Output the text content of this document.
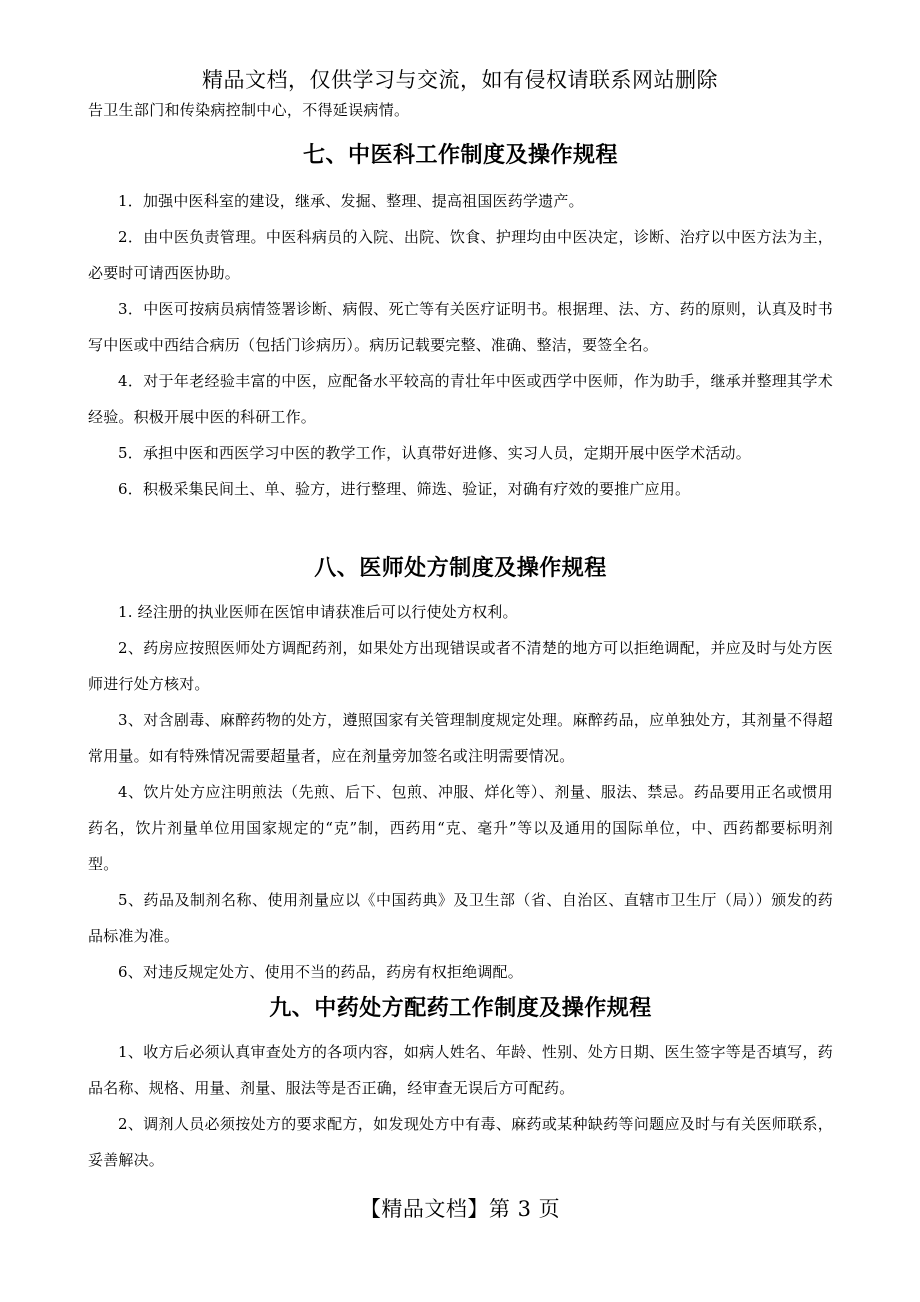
精品文档，仅供学习与交流，如有侵权请联系网站删除
告卫生部门和传染病控制中心，不得延误病情。
七、中医科工作制度及操作规程

1．加强中医科室的建设，继承、发掘、整理、提高祖国医药学遗产。

2．由中医负责管理。中医科病员的入院、出院、饮食、护理均由中医决定，诊断、治疗以中医方法为主，必要时可请西医协助。

3．中医可按病员病情签署诊断、病假、死亡等有关医疗证明书。根据理、法、方、药的原则，认真及时书写中医或中西结合病历（包括门诊病历）。病历记载要完整、准确、整洁，要签全名。

4．对于年老经验丰富的中医，应配备水平较高的青壮年中医或西学中医师，作为助手，继承并整理其学术经验。积极开展中医的科研工作。

5．承担中医和西医学习中医的教学工作，认真带好进修、实习人员，定期开展中医学术活动。

6．积极采集民间土、单、验方，进行整理、筛选、验证，对确有疗效的要推广应用。

八、医师处方制度及操作规程

1. 经注册的执业医师在医馆申请获准后可以行使处方权利。

2、药房应按照医师处方调配药剂，如果处方出现错误或者不清楚的地方可以拒绝调配，并应及时与处方医师进行处方核对。

3、对含剧毒、麻醉药物的处方，遵照国家有关管理制度规定处理。麻醉药品，应单独处方，其剂量不得超常用量。如有特殊情况需要超量者，应在剂量旁加签名或注明需要情况。

4、饮片处方应注明煎法（先煎、后下、包煎、冲服、烊化等）、剂量、服法、禁忌。药品要用正名或惯用药名，饮片剂量单位用国家规定的“克”制，西药用“克、毫升”等以及通用的国际单位，中、西药都要标明剂型。

5、药品及制剂名称、使用剂量应以《中国药典》及卫生部（省、自治区、直辖市卫生厅（局））颁发的药品标准为准。

6、对违反规定处方、使用不当的药品，药房有权拒绝调配。

九、中药处方配药工作制度及操作规程

1、收方后必须认真审查处方的各项内容，如病人姓名、年龄、性别、处方日期、医生签字等是否填写，药品名称、规格、用量、剂量、服法等是否正确，经审查无误后方可配药。

2、调剂人员必须按处方的要求配方，如发现处方中有毒、麻药或某种缺药等问题应及时与有关医师联系，妥善解决。

【精品文档】第 3 页
